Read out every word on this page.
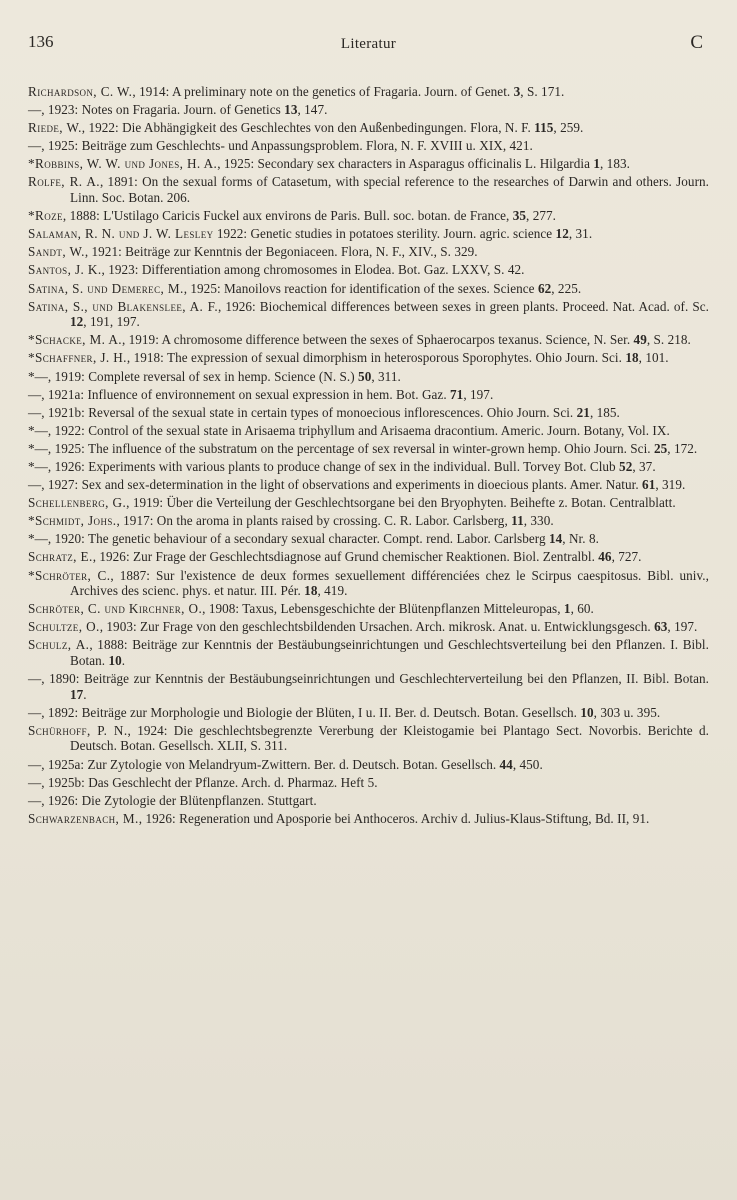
136	Literatur	C
Richardson, C. W., 1914: A preliminary note on the genetics of Fragaria. Journ. of Genet. 3, S. 171.
—, 1923: Notes on Fragaria. Journ. of Genetics 13, 147.
Riede, W., 1922: Die Abhängigkeit des Geschlechtes von den Außenbedingungen. Flora, N. F. 115, 259.
—, 1925: Beiträge zum Geschlechts- und Anpassungsproblem. Flora, N. F. XVIII u. XIX, 421.
*Robbins, W. W. und Jones, H. A., 1925: Secondary sex characters in Asparagus officinalis L. Hilgardia 1, 183.
Rolfe, R. A., 1891: On the sexual forms of Catasetum, with special reference to the researches of Darwin and others. Journ. Linn. Soc. Botan. 206.
*Roze, 1888: L'Ustilago Caricis Fuckel aux environs de Paris. Bull. soc. botan. de France, 35, 277.
Salaman, R. N. und J. W. Lesley 1922: Genetic studies in potatoes sterility. Journ. agric. science 12, 31.
Sandt, W., 1921: Beiträge zur Kenntnis der Begoniaceen. Flora, N. F., XIV., S. 329.
Santos, J. K., 1923: Differentiation among chromosomes in Elodea. Bot. Gaz. LXXV, S. 42.
Satina, S. und Demerec, M., 1925: Manoilovs reaction for identification of the sexes. Science 62, 225.
Satina, S., und Blakenslee, A. F., 1926: Biochemical differences between sexes in green plants. Proceed. Nat. Acad. of. Sc. 12, 191, 197.
*Schacke, M. A., 1919: A chromosome difference between the sexes of Sphaerocarpos texanus. Science, N. Ser. 49, S. 218.
*Schaffner, J. H., 1918: The expression of sexual dimorphism in heterosporous Sporophytes. Ohio Journ. Sci. 18, 101.
*—, 1919: Complete reversal of sex in hemp. Science (N. S.) 50, 311.
—, 1921a: Influence of environnement on sexual expression in hem. Bot. Gaz. 71, 197.
—, 1921b: Reversal of the sexual state in certain types of monoecious inflorescences. Ohio Journ. Sci. 21, 185.
*—, 1922: Control of the sexual state in Arisaema triphyllum and Arisaema dracontium. Americ. Journ. Botany, Vol. IX.
*—, 1925: The influence of the substratum on the percentage of sex reversal in winter-grown hemp. Ohio Journ. Sci. 25, 172.
*—, 1926: Experiments with various plants to produce change of sex in the individual. Bull. Torvey Bot. Club 52, 37.
—, 1927: Sex and sex-determination in the light of observations and experiments in dioecious plants. Amer. Natur. 61, 319.
Schellenberg, G., 1919: Über die Verteilung der Geschlechtsorgane bei den Bryophyten. Beihefte z. Botan. Centralblatt.
*Schmidt, Johs., 1917: On the aroma in plants raised by crossing. C. R. Labor. Carlsberg, 11, 330.
*—, 1920: The genetic behaviour of a secondary sexual character. Compt. rend. Labor. Carlsberg 14, Nr. 8.
Schratz, E., 1926: Zur Frage der Geschlechtsdiagnose auf Grund chemischer Reaktionen. Biol. Zentralbl. 46, 727.
*Schröter, C., 1887: Sur l'existence de deux formes sexuellement différenciées chez le Scirpus caespitosus. Bibl. univ., Archives des scienc. phys. et natur. III. Pér. 18, 419.
Schröter, C. und Kirchner, O., 1908: Taxus, Lebensgeschichte der Blütenpflanzen Mitteleuropas, 1, 60.
Schultze, O., 1903: Zur Frage von den geschlechtsbildenden Ursachen. Arch. mikrosk. Anat. u. Entwicklungsgesch. 63, 197.
Schulz, A., 1888: Beiträge zur Kenntnis der Bestäubungseinrichtungen und Geschlechtsverteilung bei den Pflanzen. I. Bibl. Botan. 10.
—, 1890: Beiträge zur Kenntnis der Bestäubungseinrichtungen und Geschlechterverteilung bei den Pflanzen, II. Bibl. Botan. 17.
—, 1892: Beiträge zur Morphologie und Biologie der Blüten, I u. II. Ber. d. Deutsch. Botan. Gesellsch. 10, 303 u. 395.
Schürhoff, P. N., 1924: Die geschlechtsbegrenzte Vererbung der Kleistogamie bei Plantago Sect. Novorbis. Berichte d. Deutsch. Botan. Gesellsch. XLII, S. 311.
—, 1925a: Zur Zytologie von Melandryum-Zwittern. Ber. d. Deutsch. Botan. Gesellsch. 44, 450.
—, 1925b: Das Geschlecht der Pflanze. Arch. d. Pharmaz. Heft 5.
—, 1926: Die Zytologie der Blütenpflanzen. Stuttgart.
Schwarzenbach, M., 1926: Regeneration und Aposporie bei Anthoceros. Archiv d. Julius-Klaus-Stiftung, Bd. II, 91.
